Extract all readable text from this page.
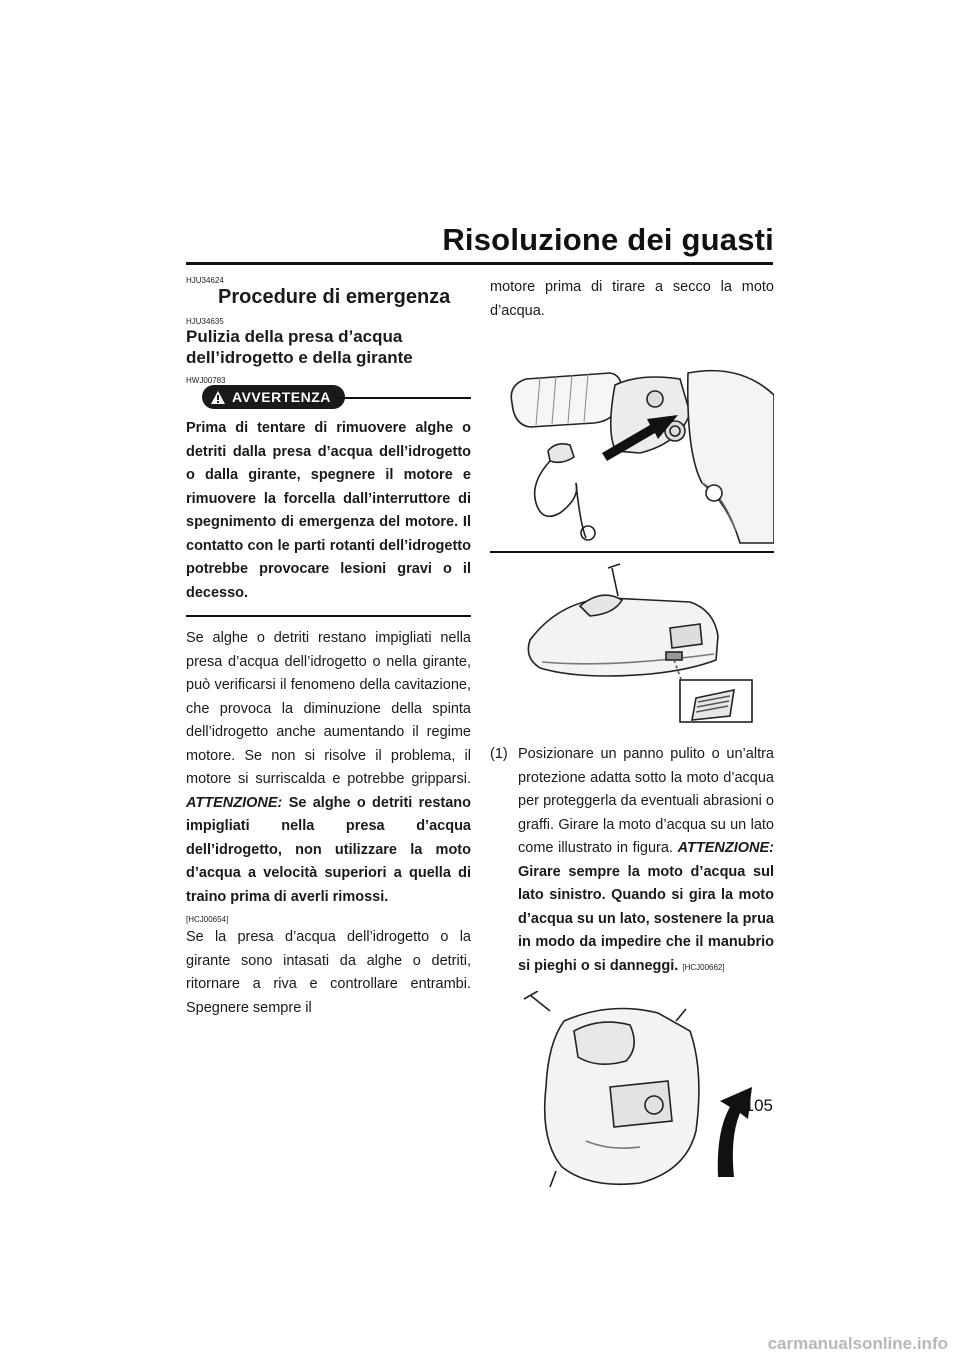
Risoluzione dei guasti
HJU34624
Procedure di emergenza
HJU34635
Pulizia della presa d’acqua dell’idrogetto e della girante
HWJ00783
AVVERTENZA

Prima di tentare di rimuovere alghe o detriti dalla presa d’acqua dell’idrogetto o dalla girante, spegnere il motore e rimuovere la forcella dall’interruttore di spegnimento di emergenza del motore. Il contatto con le parti rotanti dell’idrogetto potrebbe provocare lesioni gravi o il decesso.

Se alghe o detriti restano impigliati nella presa d’acqua dell’idrogetto o nella girante, può verificarsi il fenomeno della cavitazione, che provoca la diminuzione della spinta dell’idrogetto anche aumentando il regime motore. Se non si risolve il problema, il motore si surriscalda e potrebbe gripparsi. ATTENZIONE: Se alghe o detriti restano impigliati nella presa d’acqua dell’idrogetto, non utilizzare la moto d’acqua a velocità superiori a quella di traino prima di averli rimossi.

[HCJ00654]

Se la presa d’acqua dell’idrogetto o la girante sono intasati da alghe o detriti, ritornare a riva e controllare entrambi. Spegnere sempre il

motore prima di tirare a secco la moto d’acqua.

(1) Posizionare un panno pulito o un’altra protezione adatta sotto la moto d’acqua per proteggerla da eventuali abrasioni o graffi. Girare la moto d’acqua su un lato come illustrato in figura. ATTENZIONE: Girare sempre la moto d’acqua sul lato sinistro. Quando si gira la moto d’acqua su un lato, sostenere la prua in modo da impedire che il manubrio si pieghi o si danneggi. [HCJ00662]
105
carmanualsonline.info
